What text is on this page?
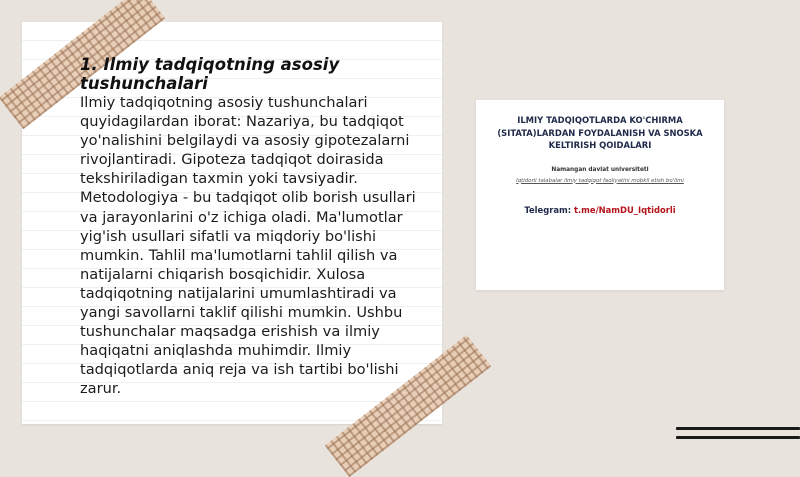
1. Ilmiy tadqiqotning asosiy tushunchalari

Ilmiy tadqiqotning asosiy tushunchalari quyidagilardan iborat: Nazariya, bu tadqiqot yo'nalishini belgilaydi va asosiy gipotezalarni rivojlantiradi. Gipoteza tadqiqot doirasida tekshiriladigan taxmin yoki tavsiyadir. Metodologiya - bu tadqiqot olib borish usullari va jarayonlarini o'z ichiga oladi. Ma'lumotlar yig'ish usullari sifatli va miqdoriy bo'lishi mumkin. Tahlil ma'lumotlarni tahlil qilish va natijalarni chiqarish bosqichidir. Xulosa tadqiqotning natijalarini umumlashtiradi va yangi savollarni taklif qilishi mumkin. Ushbu tushunchalar maqsadga erishish va ilmiy haqiqatni aniqlashda muhimdir. Ilmiy tadqiqotlarda aniq reja va ish tartibi bo'lishi zarur.

ILMIY TADQIQOTLARDA KO'CHIRMA (SITATA)LARDAN FOYDALANISH VA SNOSKA KELTIRISH QOIDALARI
Namangan davlat universiteti
Iqtidorli talabalar ilmiy tadqiqot faoliyatini mobkil etish bo'limi
Telegram: t.me/NamDU_Iqtidorli
